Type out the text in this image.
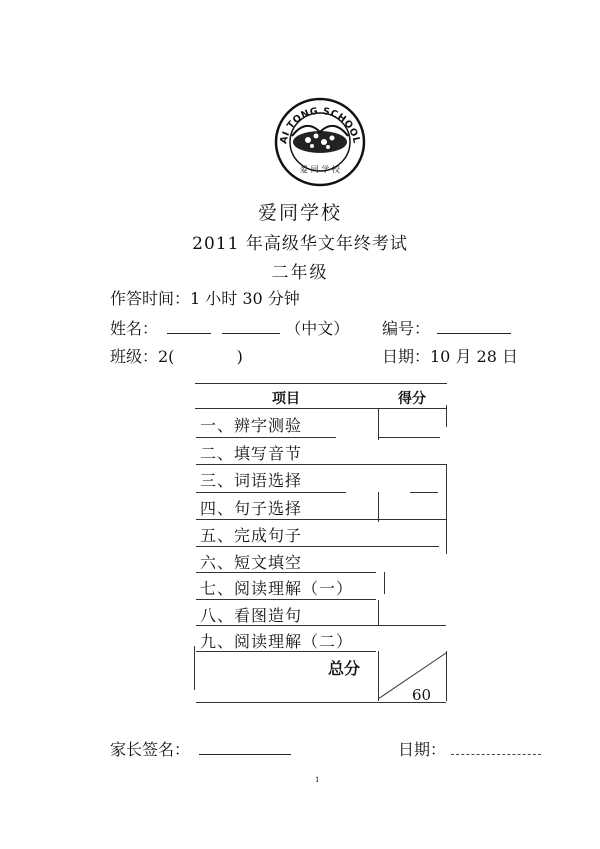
AI TONG SCHOOL
爱 同 学 校
爱同学校
2011 年高级华文年终考试
二年级
作答时间：1 小时 30 分钟
姓名：	（中文） 编号：
班级：2(	)	日期：10 月 28 日
项目	得分
一、辨字测验
二、填写音节
三、词语选择
四、句子选择
五、完成句子
六、短文填空
七、阅读理解（一）
八、看图造句
九、阅读理解（二）
总分
60
家长签名：	日期：
1
